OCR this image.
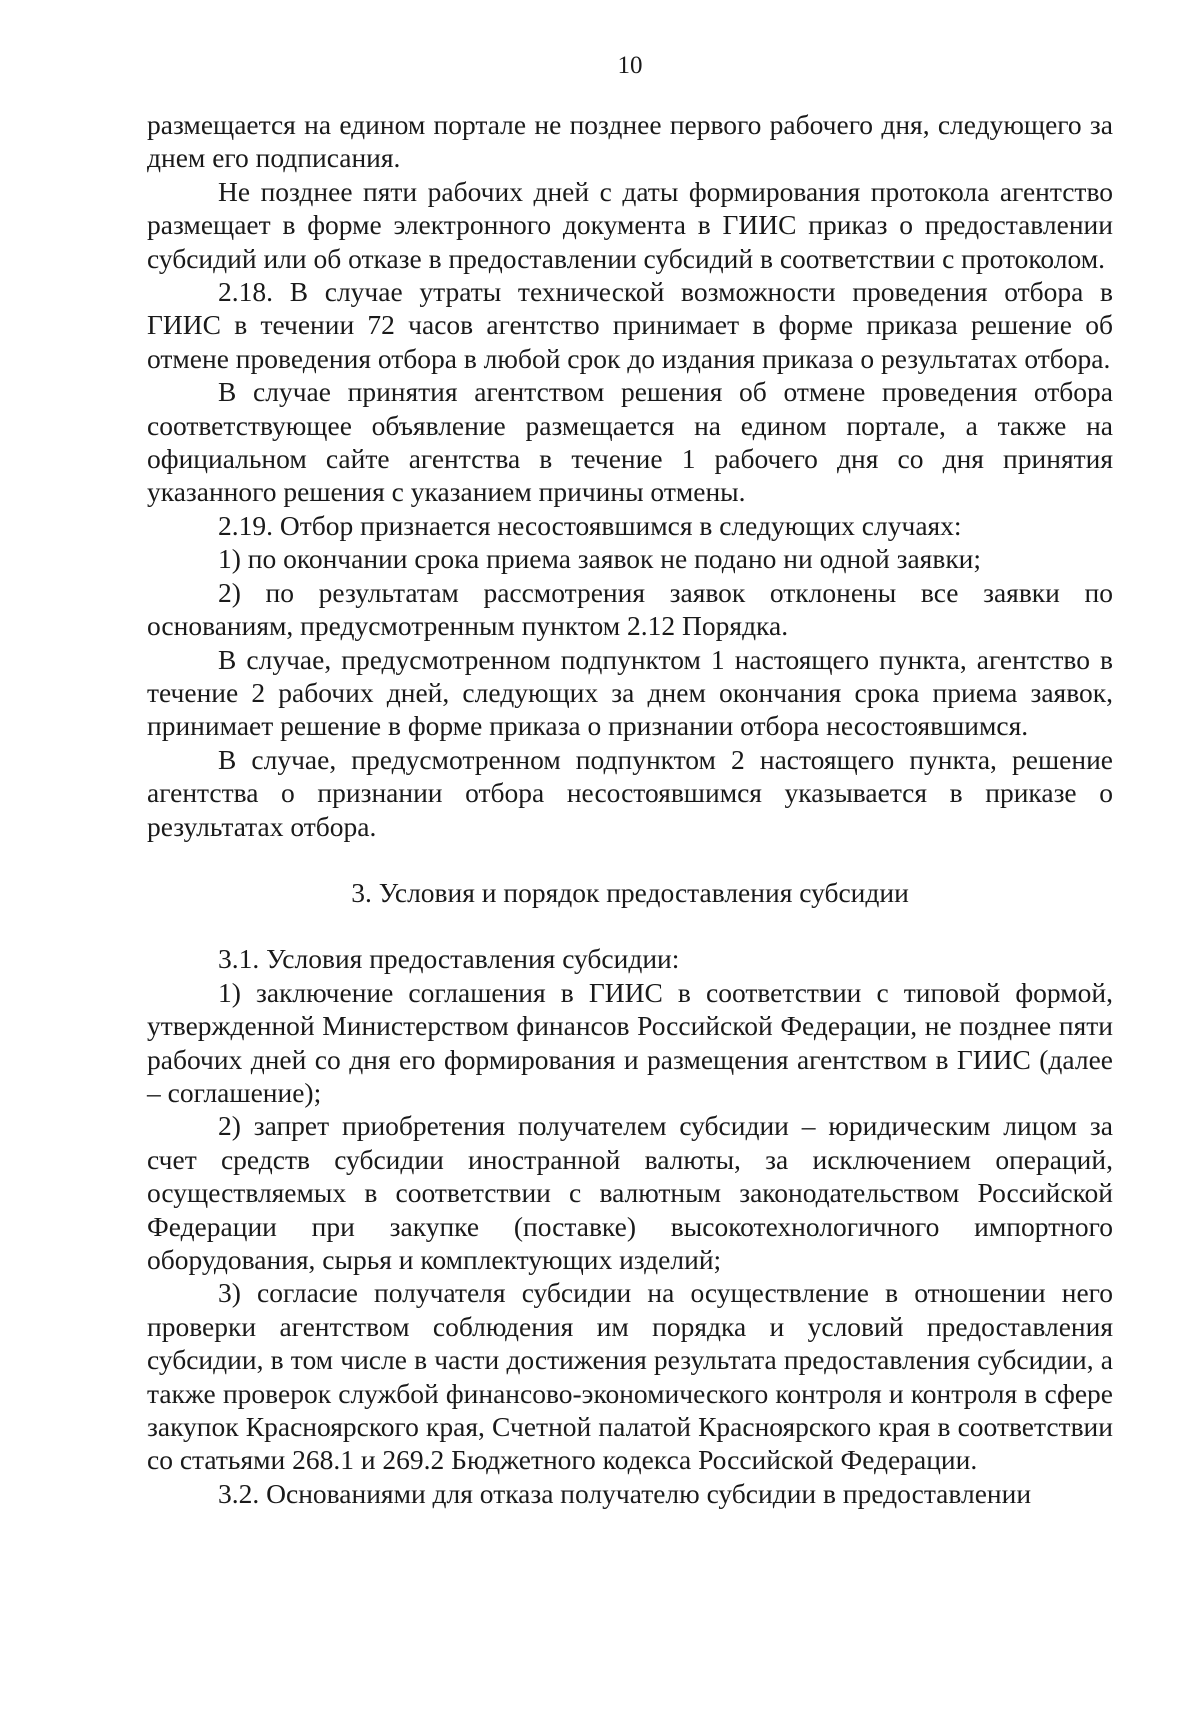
10

размещается на едином портале не позднее первого рабочего дня, следующего за днем его подписания.

Не позднее пяти рабочих дней с даты формирования протокола агентство размещает в форме электронного документа в ГИИС приказ о предоставлении субсидий или об отказе в предоставлении субсидий в соответствии с протоколом.

2.18. В случае утраты технической возможности проведения отбора в ГИИС в течении 72 часов агентство принимает в форме приказа решение об отмене проведения отбора в любой срок до издания приказа о результатах отбора.

В случае принятия агентством решения об отмене проведения отбора соответствующее объявление размещается на едином портале, а также на официальном сайте агентства в течение 1 рабочего дня со дня принятия указанного решения с указанием причины отмены.

2.19. Отбор признается несостоявшимся в следующих случаях:

1) по окончании срока приема заявок не подано ни одной заявки;

2) по результатам рассмотрения заявок отклонены все заявки по основаниям, предусмотренным пунктом 2.12 Порядка.

В случае, предусмотренном подпунктом 1 настоящего пункта, агентство в течение 2 рабочих дней, следующих за днем окончания срока приема заявок, принимает решение в форме приказа о признании отбора несостоявшимся.

В случае, предусмотренном подпунктом 2 настоящего пункта, решение агентства о признании отбора несостоявшимся указывается в приказе о результатах отбора.

3. Условия и порядок предоставления субсидии

3.1. Условия предоставления субсидии:

1) заключение соглашения в ГИИС в соответствии с типовой формой, утвержденной Министерством финансов Российской Федерации, не позднее пяти рабочих дней со дня его формирования и размещения агентством в ГИИС (далее – соглашение);

2) запрет приобретения получателем субсидии – юридическим лицом за счет средств субсидии иностранной валюты, за исключением операций, осуществляемых в соответствии с валютным законодательством Российской Федерации при закупке (поставке) высокотехнологичного импортного оборудования, сырья и комплектующих изделий;

3) согласие получателя субсидии на осуществление в отношении него проверки агентством соблюдения им порядка и условий предоставления субсидии, в том числе в части достижения результата предоставления субсидии, а также проверок службой финансово-экономического контроля и контроля в сфере закупок Красноярского края, Счетной палатой Красноярского края в соответствии со статьями 268.1 и 269.2 Бюджетного кодекса Российской Федерации.

3.2. Основаниями для отказа получателю субсидии в предоставлении
